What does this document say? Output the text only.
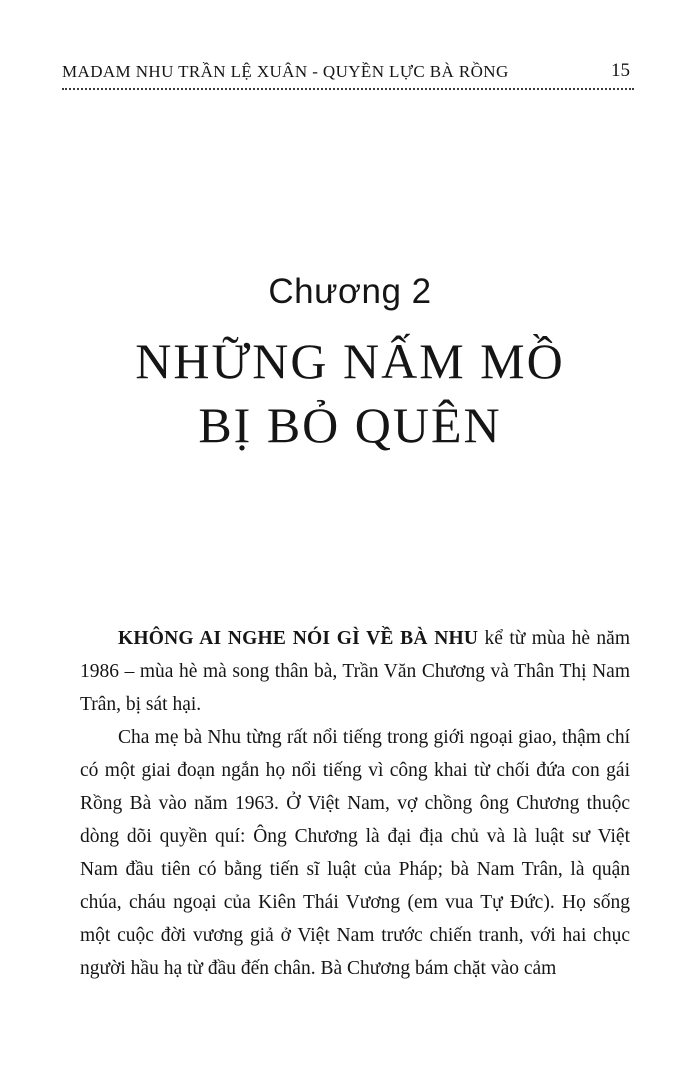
MADAM NHU TRẦN LỆ XUÂN - QUYỀN LỰC BÀ RỒNG	15
Chương 2
NHỮNG NẤM MỒ
BỊ BỎ QUÊN

KHÔNG AI NGHE NÓI GÌ VỀ BÀ NHU kể từ mùa hè năm 1986 – mùa hè mà song thân bà, Trần Văn Chương và Thân Thị Nam Trân, bị sát hại.

Cha mẹ bà Nhu từng rất nổi tiếng trong giới ngoại giao, thậm chí có một giai đoạn ngắn họ nổi tiếng vì công khai từ chối đứa con gái Rồng Bà vào năm 1963. Ở Việt Nam, vợ chồng ông Chương thuộc dòng dõi quyền quí: Ông Chương là đại địa chủ và là luật sư Việt Nam đầu tiên có bằng tiến sĩ luật của Pháp; bà Nam Trân, là quận chúa, cháu ngoại của Kiên Thái Vương (em vua Tự Đức). Họ sống một cuộc đời vương giả ở Việt Nam trước chiến tranh, với hai chục người hầu hạ từ đầu đến chân. Bà Chương bám chặt vào cảm
